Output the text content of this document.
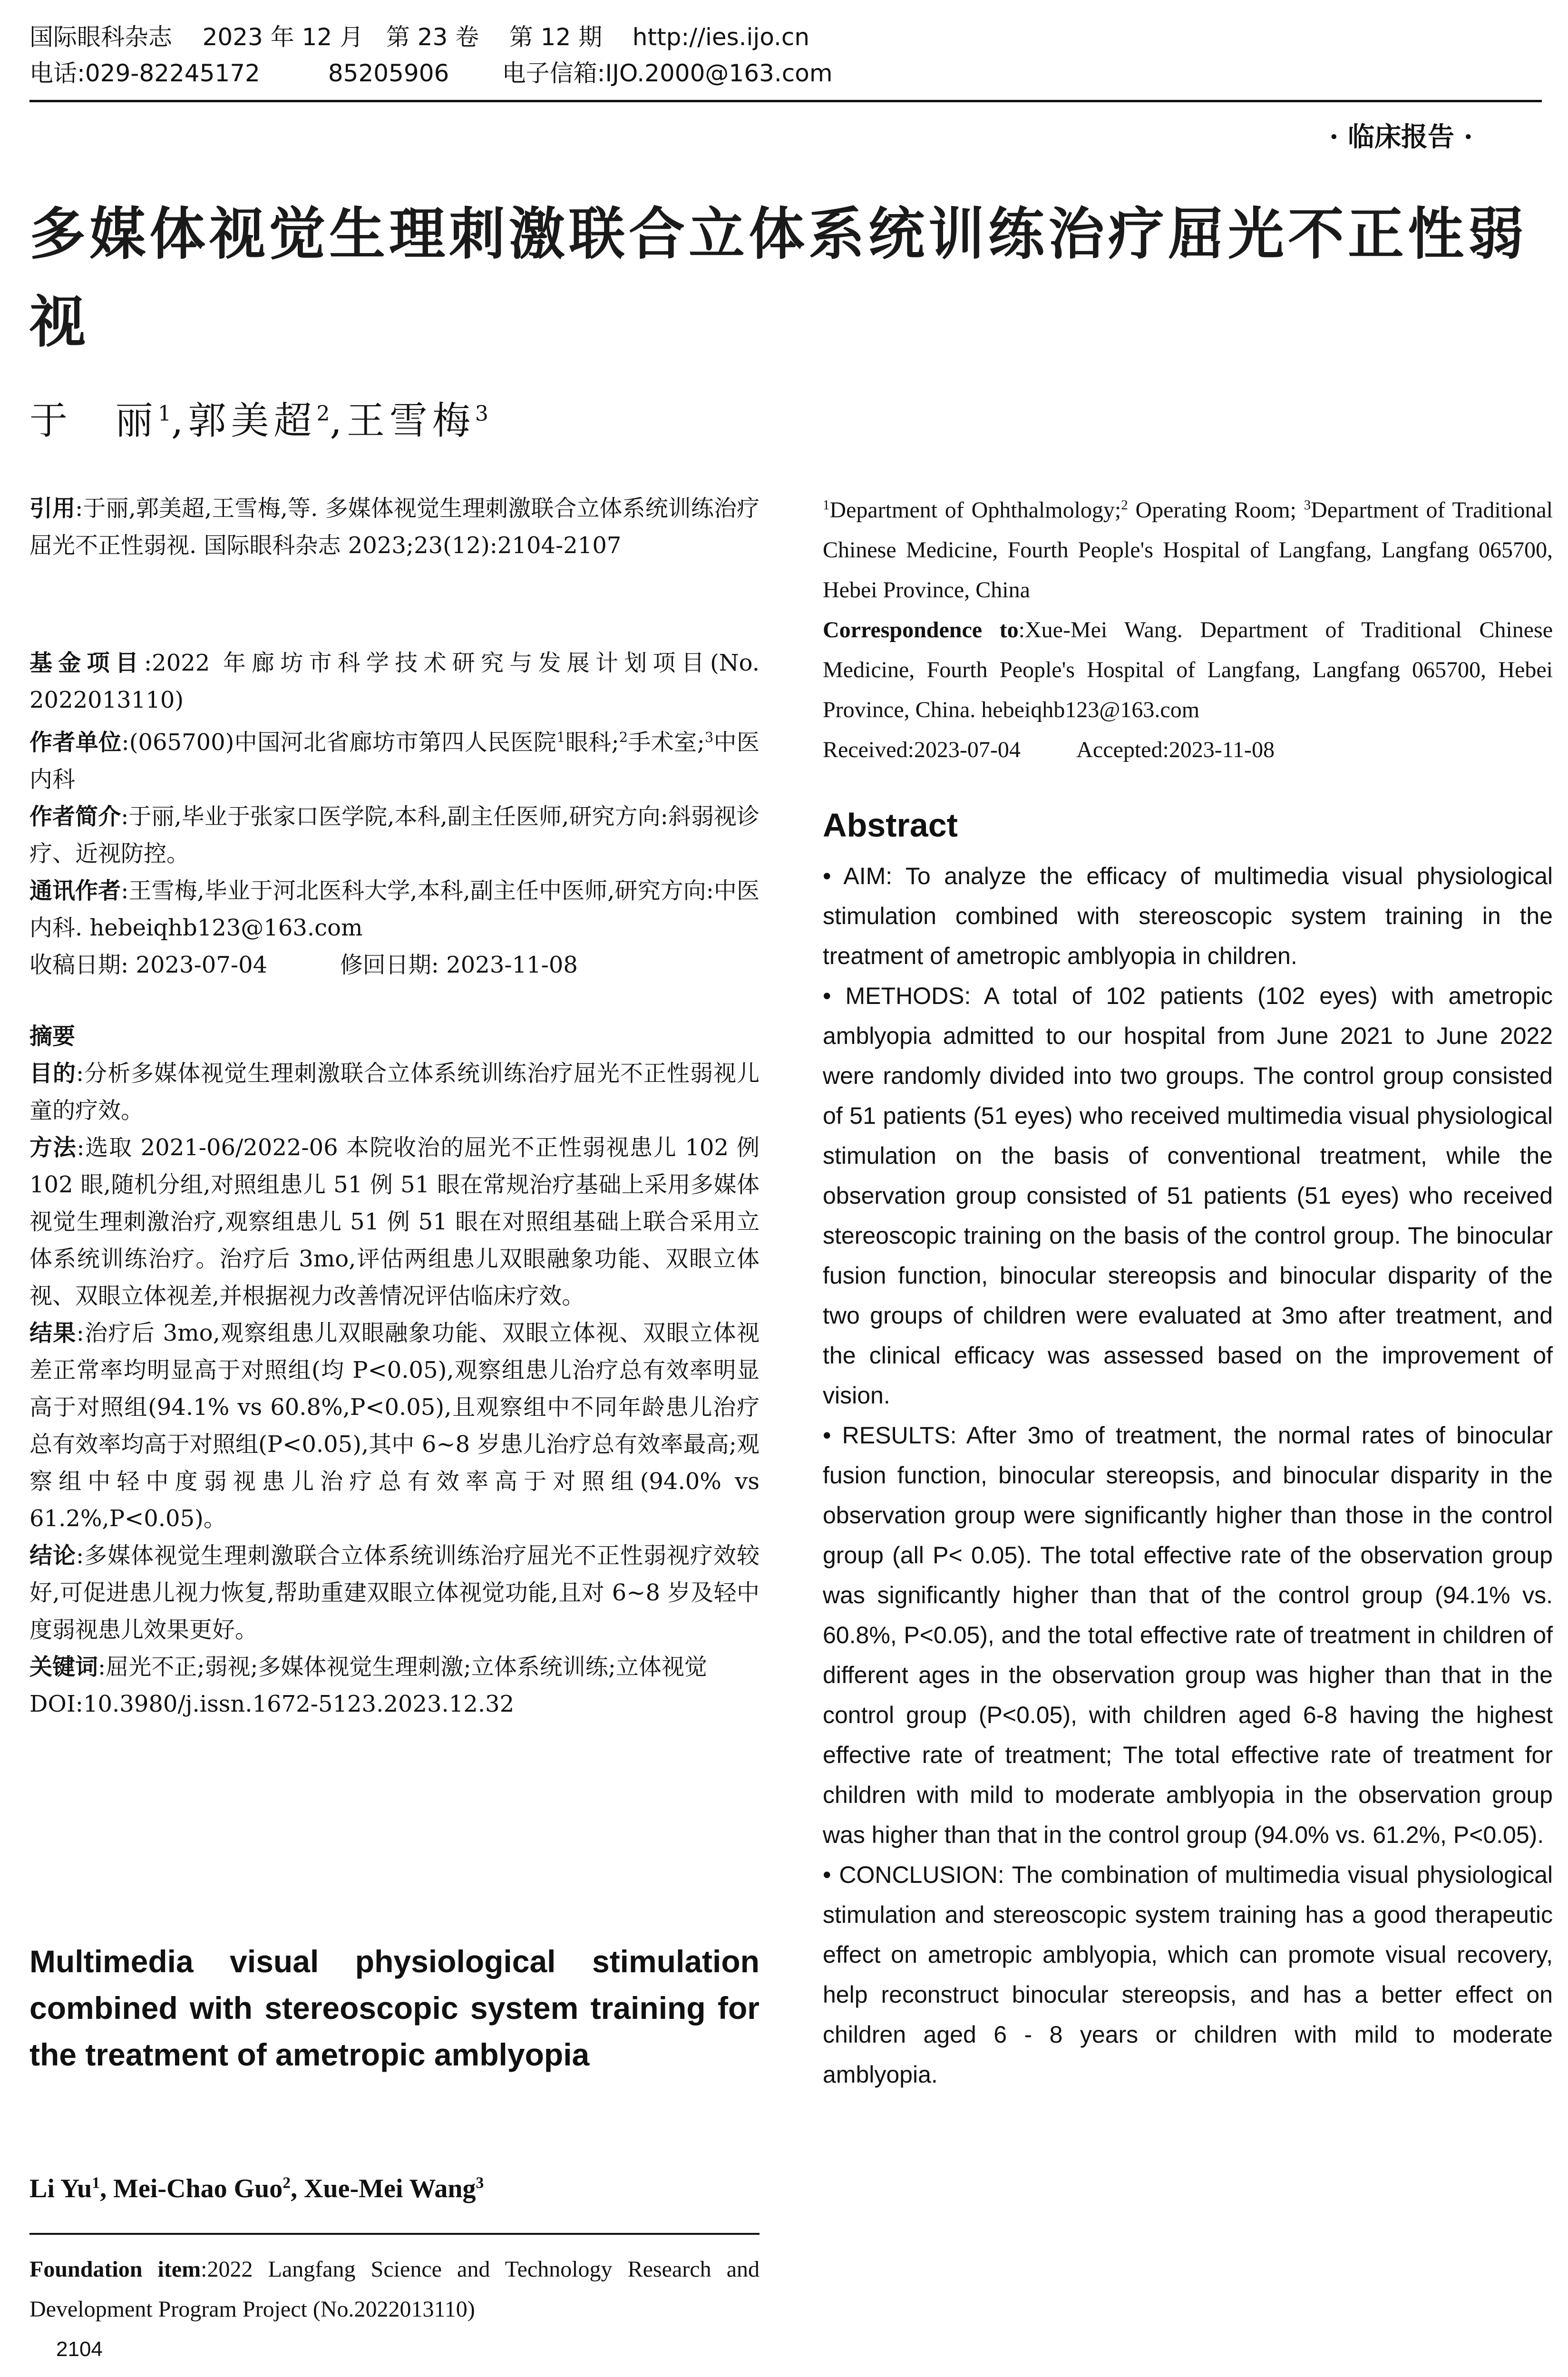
国际眼科杂志    2023 年 12 月   第 23 卷    第 12 期    http://ies.ijo.cn
电话:029-82245172         85205906       电子信箱:IJO.2000@163.com
· 临床报告 ·
多媒体视觉生理刺激联合立体系统训练治疗屈光不正性弱视
于　丽$^1$,郭美超$^2$,王雪梅$^3$

引用:于丽,郭美超,王雪梅,等. 多媒体视觉生理刺激联合立体系统训练治疗屈光不正性弱视. 国际眼科杂志 2023;23(12):2104-2107

基金项目:2022 年廊坊市科学技术研究与发展计划项目(No. 2022013110)

作者单位:(065700)中国河北省廊坊市第四人民医院$^1$眼科;$^2$手术室;$^3$中医内科

作者简介:于丽,毕业于张家口医学院,本科,副主任医师,研究方向:斜弱视诊疗、近视防控。

通讯作者:王雪梅,毕业于河北医科大学,本科,副主任中医师,研究方向:中医内科. hebeiqhb123@163.com

收稿日期: 2023-07-04	修回日期: 2023-11-08

摘要

目的:分析多媒体视觉生理刺激联合立体系统训练治疗屈光不正性弱视儿童的疗效。

方法:选取 2021-06/2022-06 本院收治的屈光不正性弱视患儿 102 例 102 眼,随机分组,对照组患儿 51 例 51 眼在常规治疗基础上采用多媒体视觉生理刺激治疗,观察组患儿 51 例 51 眼在对照组基础上联合采用立体系统训练治疗。治疗后 3mo,评估两组患儿双眼融象功能、双眼立体视、双眼立体视差,并根据视力改善情况评估临床疗效。

结果:治疗后 3mo,观察组患儿双眼融象功能、双眼立体视、双眼立体视差正常率均明显高于对照组(均 P<0.05),观察组患儿治疗总有效率明显高于对照组(94.1% vs 60.8%,P<0.05),且观察组中不同年龄患儿治疗总有效率均高于对照组(P<0.05),其中 6~8 岁患儿治疗总有效率最高;观察组中轻中度弱视患儿治疗总有效率高于对照组(94.0% vs 61.2%,P<0.05)。

结论:多媒体视觉生理刺激联合立体系统训练治疗屈光不正性弱视疗效较好,可促进患儿视力恢复,帮助重建双眼立体视觉功能,且对 6~8 岁及轻中度弱视患儿效果更好。

关键词:屈光不正;弱视;多媒体视觉生理刺激;立体系统训练;立体视觉

DOI:10.3980/j.issn.1672-5123.2023.12.32

Multimedia visual physiological stimulation combined with stereoscopic system training for the treatment of ametropic amblyopia
Li Yu$^1$, Mei-Chao Guo$^2$, Xue-Mei Wang$^3$

Foundation item:2022 Langfang Science and Technology Research and Development Program Project (No.2022013110)

2104

$^1$Department of Ophthalmology;$^2$ Operating Room; $^3$Department of Traditional Chinese Medicine, Fourth People's Hospital of Langfang, Langfang 065700, Hebei Province, China

Correspondence to:Xue-Mei Wang. Department of Traditional Chinese Medicine, Fourth People's Hospital of Langfang, Langfang 065700, Hebei Province, China. hebeiqhb123@163.com

Received:2023-07-04 Accepted:2023-11-08

Abstract

• AIM: To analyze the efficacy of multimedia visual physiological stimulation combined with stereoscopic system training in the treatment of ametropic amblyopia in children.

• METHODS: A total of 102 patients (102 eyes) with ametropic amblyopia admitted to our hospital from June 2021 to June 2022 were randomly divided into two groups. The control group consisted of 51 patients (51 eyes) who received multimedia visual physiological stimulation on the basis of conventional treatment, while the observation group consisted of 51 patients (51 eyes) who received stereoscopic training on the basis of the control group. The binocular fusion function, binocular stereopsis and binocular disparity of the two groups of children were evaluated at 3mo after treatment, and the clinical efficacy was assessed based on the improvement of vision.

• RESULTS: After 3mo of treatment, the normal rates of binocular fusion function, binocular stereopsis, and binocular disparity in the observation group were significantly higher than those in the control group (all P< 0.05). The total effective rate of the observation group was significantly higher than that of the control group (94.1% vs. 60.8%, P<0.05), and the total effective rate of treatment in children of different ages in the observation group was higher than that in the control group (P<0.05), with children aged 6-8 having the highest effective rate of treatment; The total effective rate of treatment for children with mild to moderate amblyopia in the observation group was higher than that in the control group (94.0% vs. 61.2%, P<0.05).

• CONCLUSION: The combination of multimedia visual physiological stimulation and stereoscopic system training has a good therapeutic effect on ametropic amblyopia, which can promote visual recovery, help reconstruct binocular stereopsis, and has a better effect on children aged 6 - 8 years or children with mild to moderate amblyopia.
